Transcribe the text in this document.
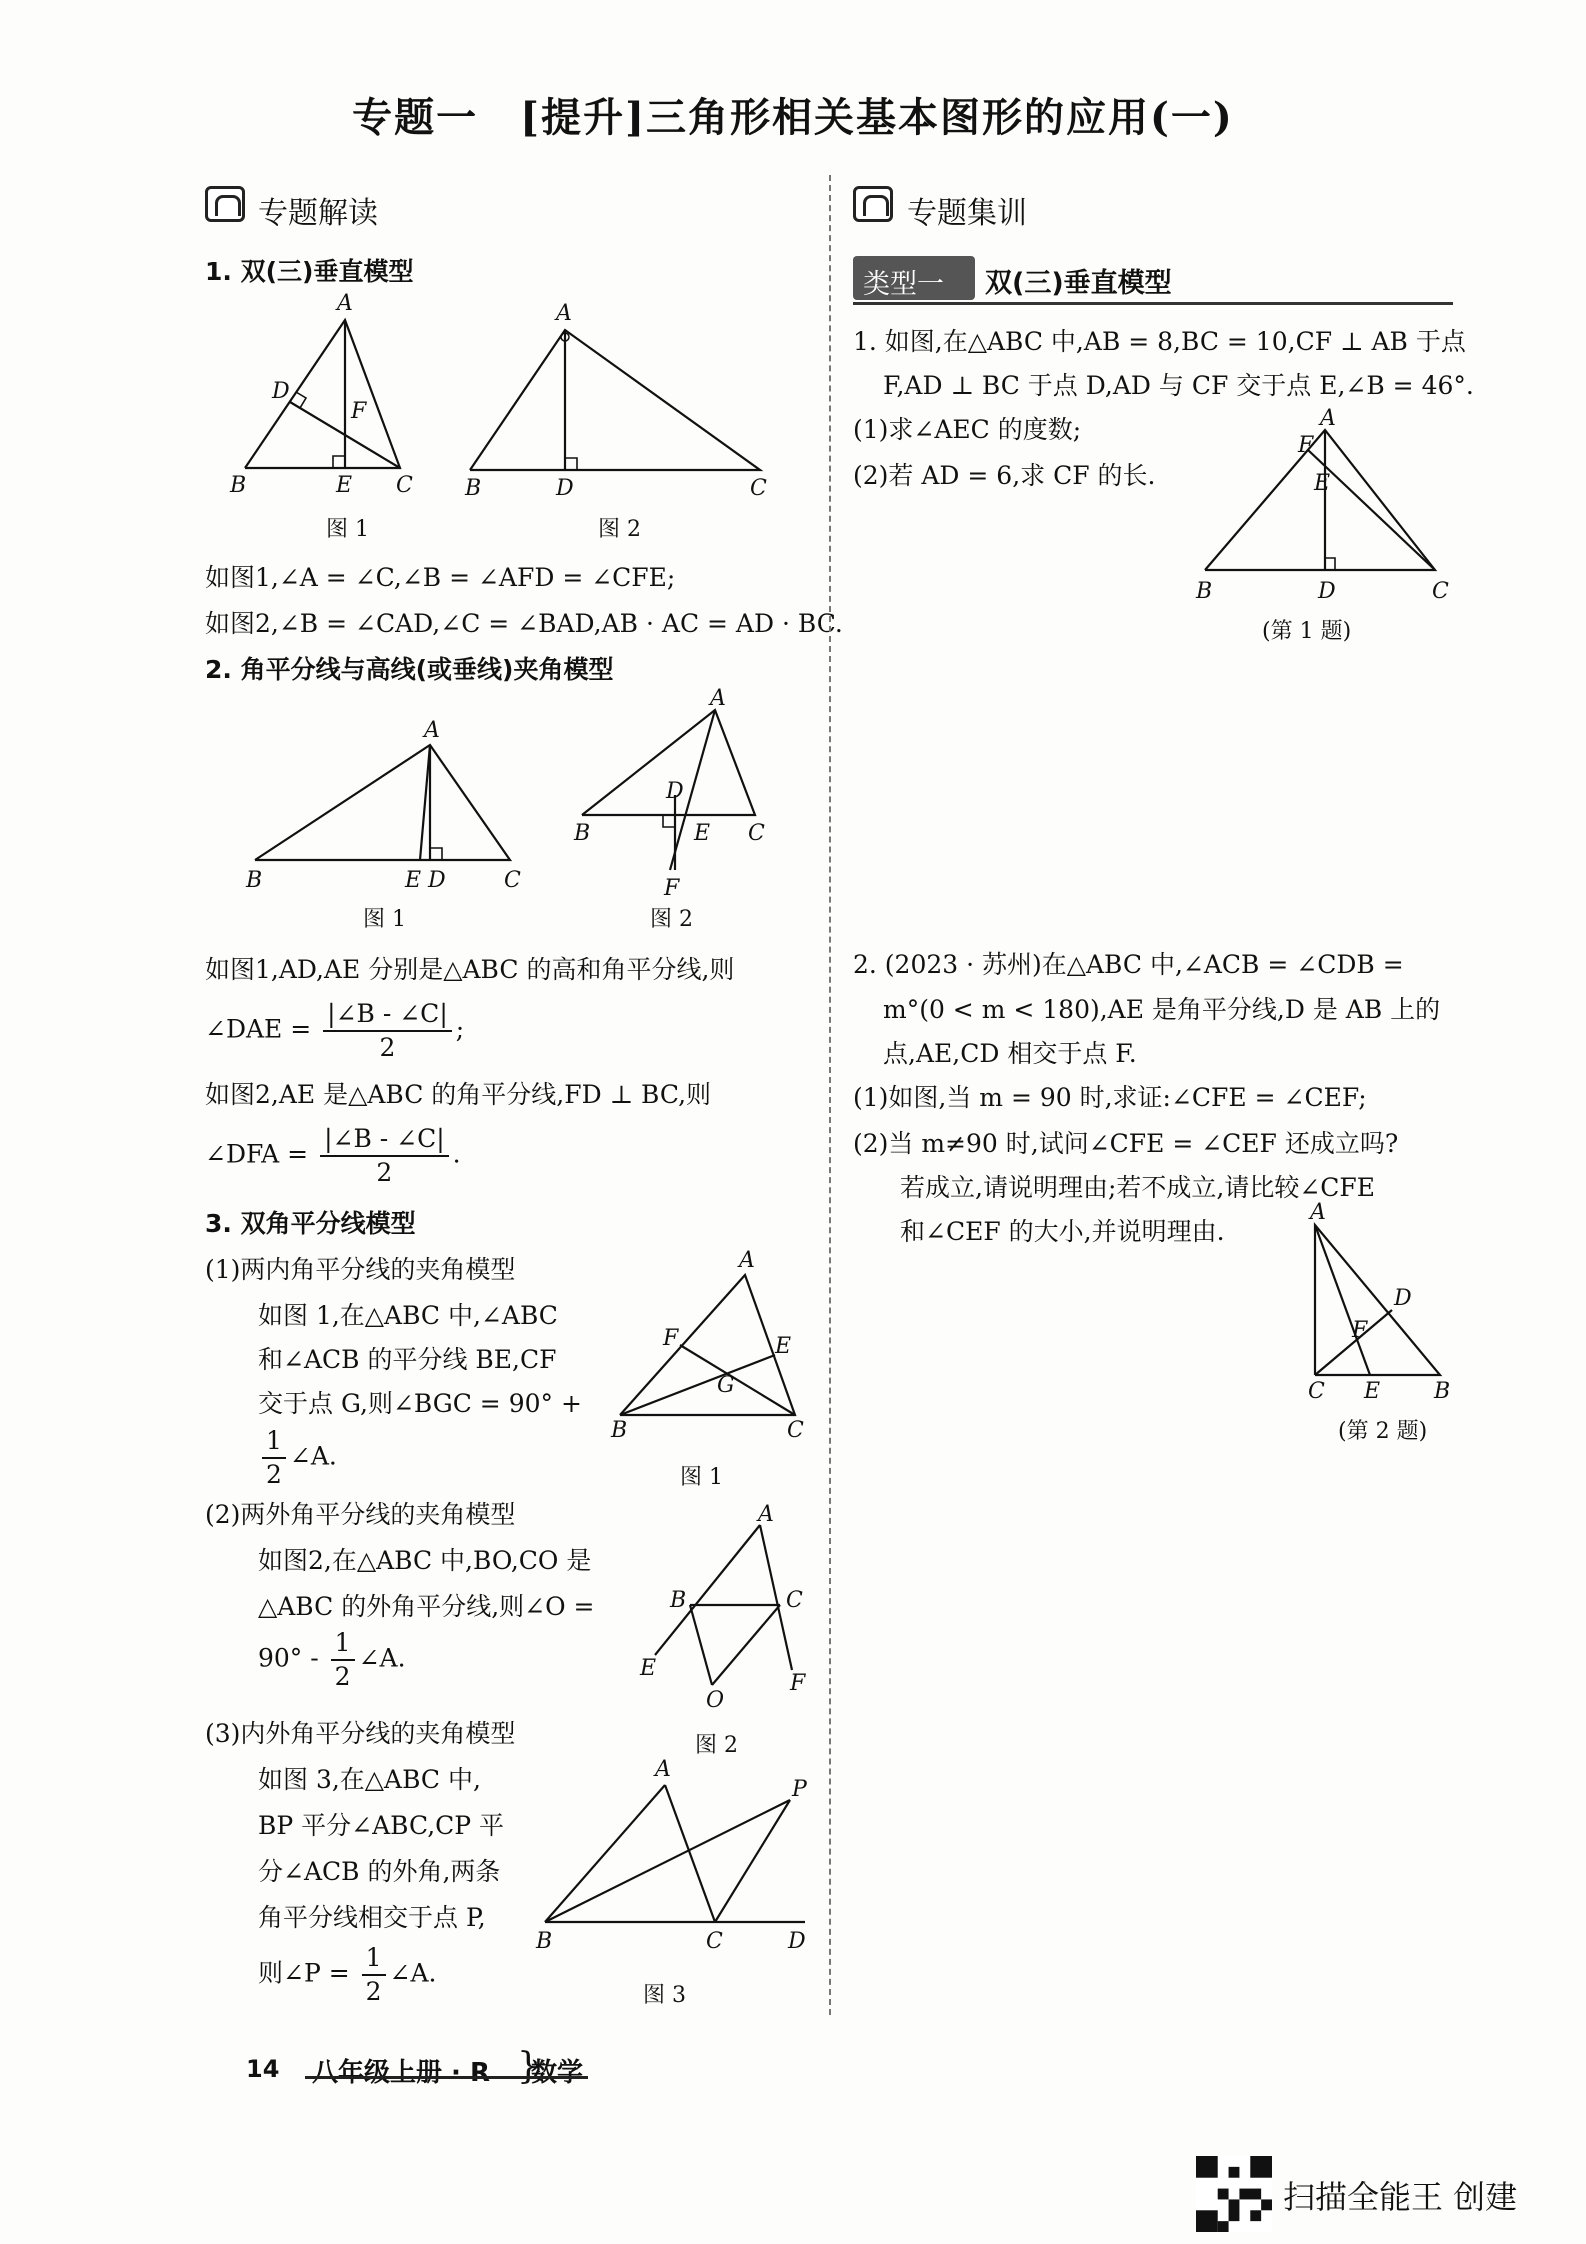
专题一　[提升]三角形相关基本图形的应用(一)
专题解读
1. 双(三)垂直模型
A
D
F
B	E C
图 1
A
B	D	C
图 2
如图1,∠A = ∠C,∠B = ∠AFD = ∠CFE;
如图2,∠B = ∠CAD,∠C = ∠BAD,AB · AC = AD · BC.
2. 角平分线与高线(或垂线)夹角模型
A
B	E D	C
图 1
A
D
B	E C
F
图 2
如图1,AD,AE 分别是△ABC 的高和角平分线,则
∠DAE = $\frac{|\angle B - \angle C|}{2}$ ;
如图2,AE 是△ABC 的角平分线,FD ⊥ BC,则
∠DFA = $\frac{|\angle B - \angle C|}{2}$ .
3. 双角平分线模型
(1)两内角平分线的夹角模型
如图 1,在△ABC 中,∠ABC
和∠ACB 的平分线 BE,CF
交于点 G,则∠BGC = 90° +
$\frac{1}{2}$ ∠A.
A
F	E
G
B	C
图 1
(2)两外角平分线的夹角模型
如图2,在△ABC 中,BO,CO 是
△ABC 的外角平分线,则∠O =
$90^\circ - \frac{1}{2}$ ∠A.
A
B	C
E
F
O
图 2
(3)内外角平分线的夹角模型
如图 3,在△ABC 中,
BP 平分∠ABC,CP 平
分∠ACB 的外角,两条
角平分线相交于点 P,
则∠P = $\frac{1}{2}$ ∠A.
A
P
B	C	D
图 3
专题集训
类型一 双(三)垂直模型
1. 如图,在△ABC 中,AB = 8,BC = 10,CF ⊥ AB 于点
F,AD ⊥ BC 于点 D,AD 与 CF 交于点 E,∠B = 46°.
(1)求∠AEC 的度数;
(2)若 AD = 6,求 CF 的长.
A
F
E
B	D	C
(第 1 题)
2. (2023 · 苏州)在△ABC 中,∠ACB = ∠CDB =
m°(0 < m < 180),AE 是角平分线,D 是 AB 上的
点,AE,CD 相交于点 F.
(1)如图,当 m = 90 时,求证:∠CFE = ∠CEF;
(2)当 m≠90 时,试问∠CFE = ∠CEF 还成立吗?
若成立,请说明理由;若不成立,请比较∠CFE
和∠CEF 的大小,并说明理由.
A
D
F
C E B
(第 2 题)
14 八年级上册 · R }
数学
扫描全能王 创建
